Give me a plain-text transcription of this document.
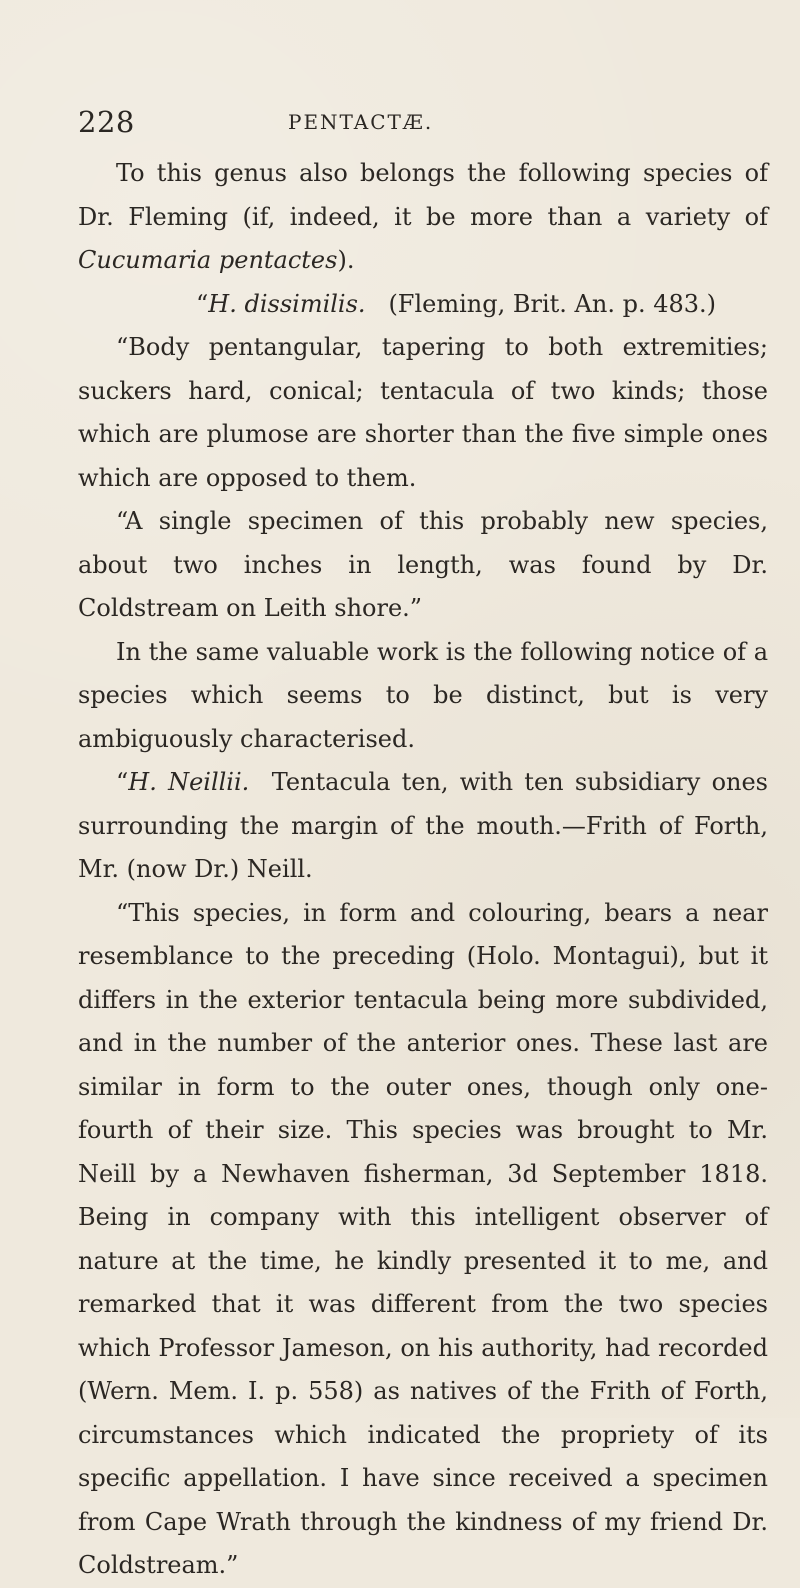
228	PENTACTÆ.

To this genus also belongs the following species of Dr. Fleming (if, indeed, it be more than a variety of Cucumaria pentactes).

“H. dissimilis. (Fleming, Brit. An. p. 483.)

“Body pentangular, tapering to both extremities; suckers hard, conical; tentacula of two kinds; those which are plumose are shorter than the five simple ones which are opposed to them.

“A single specimen of this probably new species, about two inches in length, was found by Dr. Coldstream on Leith shore.”

In the same valuable work is the following notice of a species which seems to be distinct, but is very ambiguously characterised.

“H. Neillii. Tentacula ten, with ten subsidiary ones surrounding the margin of the mouth.—Frith of Forth, Mr. (now Dr.) Neill.

“This species, in form and colouring, bears a near resemblance to the preceding (Holo. Montagui), but it differs in the exterior tentacula being more subdivided, and in the number of the anterior ones. These last are similar in form to the outer ones, though only one-fourth of their size. This species was brought to Mr. Neill by a Newhaven fisherman, 3d September 1818. Being in company with this intelligent observer of nature at the time, he kindly presented it to me, and remarked that it was different from the two species which Professor Jameson, on his authority, had recorded (Wern. Mem. I. p. 558) as natives of the Frith of Forth, circumstances which indicated the propriety of its specific appellation. I have since received a specimen from Cape Wrath through the kindness of my friend Dr. Coldstream.”
